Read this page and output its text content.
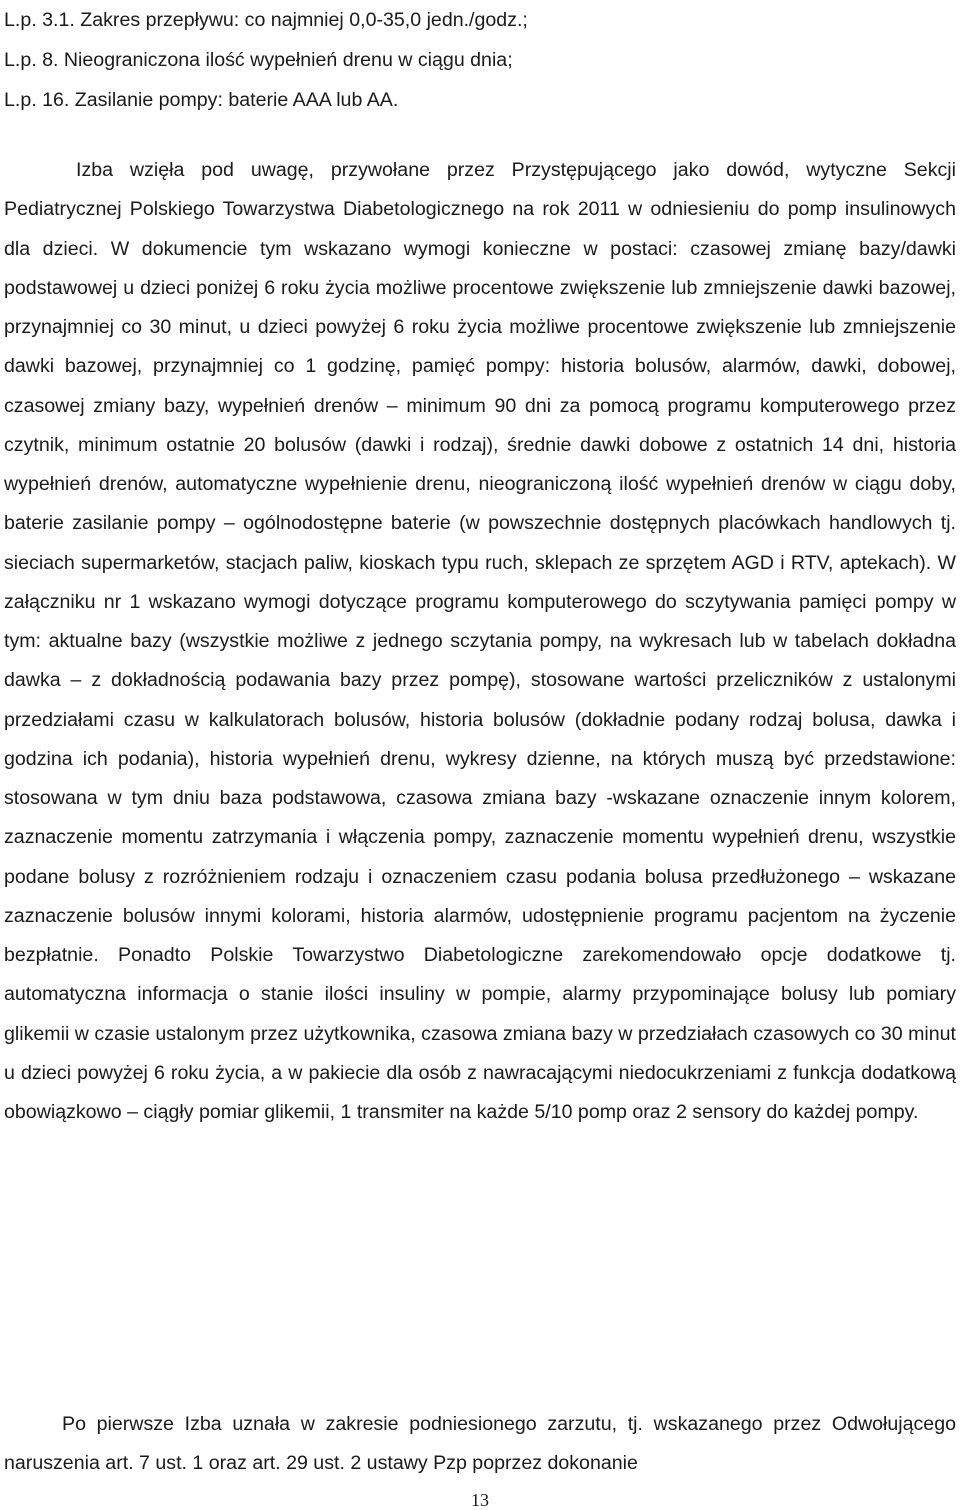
L.p. 3.1. Zakres przepływu: co najmniej 0,0-35,0 jedn./godz.;
L.p. 8. Nieograniczona ilość wypełnień drenu w ciągu dnia;
L.p. 16. Zasilanie pompy: baterie AAA lub AA.

Izba wzięła pod uwagę, przywołane przez Przystępującego jako dowód, wytyczne Sekcji Pediatrycznej Polskiego Towarzystwa Diabetologicznego na rok 2011 w odniesieniu do pomp insulinowych dla dzieci. W dokumencie tym wskazano wymogi konieczne w postaci: czasowej zmianę bazy/dawki podstawowej u dzieci poniżej 6 roku życia możliwe procentowe zwiększenie lub zmniejszenie dawki bazowej, przynajmniej co 30 minut, u dzieci powyżej 6 roku życia możliwe procentowe zwiększenie lub zmniejszenie dawki bazowej, przynajmniej co 1 godzinę, pamięć pompy: historia bolusów, alarmów, dawki, dobowej, czasowej zmiany bazy, wypełnień drenów – minimum 90 dni za pomocą programu komputerowego przez czytnik, minimum ostatnie 20 bolusów (dawki i rodzaj), średnie dawki dobowe z ostatnich 14 dni, historia wypełnień drenów, automatyczne wypełnienie drenu, nieograniczoną ilość wypełnień drenów w ciągu doby, baterie zasilanie pompy – ogólnodostępne baterie (w powszechnie dostępnych placówkach handlowych tj. sieciach supermarketów, stacjach paliw, kioskach typu ruch, sklepach ze sprzętem AGD i RTV, aptekach). W załączniku nr 1 wskazano wymogi dotyczące programu komputerowego do sczytywania pamięci pompy w tym: aktualne bazy (wszystkie możliwe z jednego sczytania pompy, na wykresach lub w tabelach dokładna dawka – z dokładnością podawania bazy przez pompę), stosowane wartości przeliczników z ustalonymi przedziałami czasu w kalkulatorach bolusów, historia bolusów (dokładnie podany rodzaj bolusa, dawka i godzina ich podania), historia wypełnień drenu, wykresy dzienne, na których muszą być przedstawione: stosowana w tym dniu baza podstawowa, czasowa zmiana bazy -wskazane oznaczenie innym kolorem, zaznaczenie momentu zatrzymania i włączenia pompy, zaznaczenie momentu wypełnień drenu, wszystkie podane bolusy z rozróżnieniem rodzaju i oznaczeniem czasu podania bolusa przedłużonego – wskazane zaznaczenie bolusów innymi kolorami, historia alarmów, udostępnienie programu pacjentom na życzenie bezpłatnie. Ponadto Polskie Towarzystwo Diabetologiczne zarekomendowało opcje dodatkowe tj. automatyczna informacja o stanie ilości insuliny w pompie, alarmy przypominające bolusy lub pomiary glikemii w czasie ustalonym przez użytkownika, czasowa zmiana bazy w przedziałach czasowych co 30 minut u dzieci powyżej 6 roku życia, a w pakiecie dla osób z nawracającymi niedocukrzeniami z funkcja dodatkową obowiązkowo – ciągły pomiar glikemii, 1 transmiter na każde 5/10 pomp oraz 2 sensory do każdej pompy.

Po pierwsze Izba uznała w zakresie podniesionego zarzutu, tj. wskazanego przez Odwołującego naruszenia art. 7 ust. 1 oraz art. 29 ust. 2 ustawy Pzp poprzez dokonanie

13
